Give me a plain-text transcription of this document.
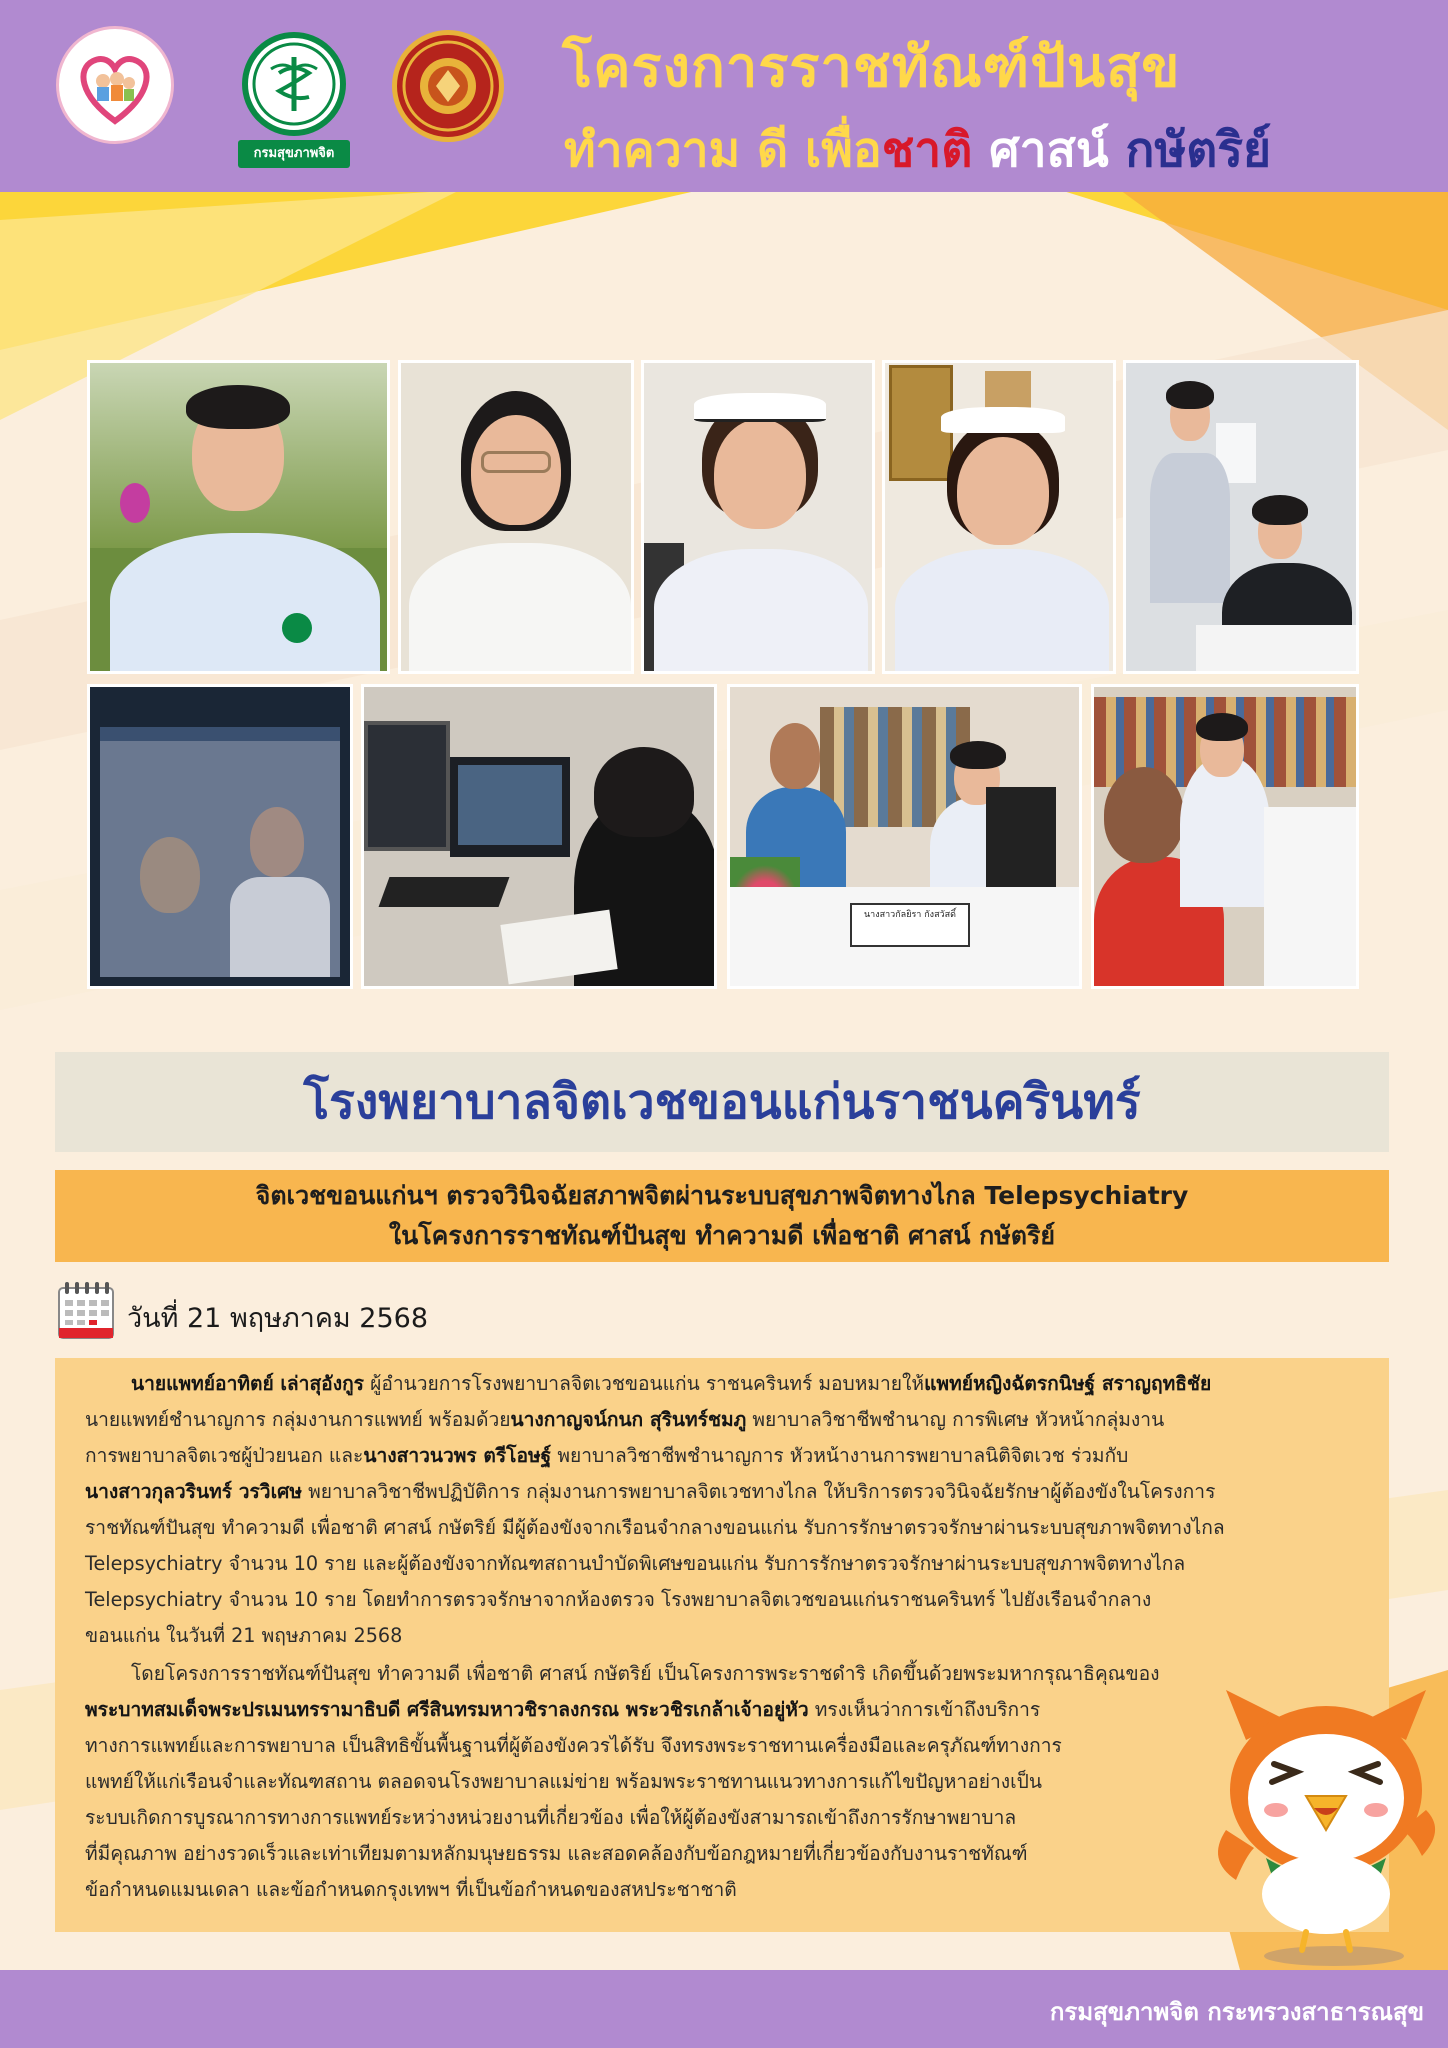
กรมสุขภาพจิต
โครงการราชทัณฑ์ปันสุข
ทำความ ดี เพื่อชาติ ศาสน์ กษัตริย์
นางสาวกัลยิรา กังสวัสดิ์
โรงพยาบาลจิตเวชขอนแก่นราชนครินทร์
จิตเวชขอนแก่นฯ ตรวจวินิจฉัยสภาพจิตผ่านระบบสุขภาพจิตทางไกล Telepsychiatry
ในโครงการราชทัณฑ์ปันสุข ทำความดี เพื่อชาติ ศาสน์ กษัตริย์
วันที่ 21 พฤษภาคม 2568
นายแพทย์อาทิตย์ เล่าสุอังกูร ผู้อำนวยการโรงพยาบาลจิตเวชขอนแก่น ราชนครินทร์ มอบหมายให้แพทย์หญิงฉัตรกนิษฐ์ สราญฤทธิชัย
นายแพทย์ชำนาญการ กลุ่มงานการแพทย์ พร้อมด้วยนางกาญจน์กนก สุรินทร์ชมภู พยาบาลวิชาชีพชำนาญ การพิเศษ หัวหน้ากลุ่มงาน
การพยาบาลจิตเวชผู้ป่วยนอก และนางสาวนวพร ตรีโอษฐ์ พยาบาลวิชาชีพชำนาญการ หัวหน้างานการพยาบาลนิติจิตเวช ร่วมกับ
นางสาวกุลวรินทร์ วรวิเศษ พยาบาลวิชาชีพปฏิบัติการ กลุ่มงานการพยาบาลจิตเวชทางไกล ให้บริการตรวจวินิจฉัยรักษาผู้ต้องขังในโครงการ
ราชทัณฑ์ปันสุข ทำความดี เพื่อชาติ ศาสน์ กษัตริย์ มีผู้ต้องขังจากเรือนจำกลางขอนแก่น รับการรักษาตรวจรักษาผ่านระบบสุขภาพจิตทางไกล
Telepsychiatry จำนวน 10 ราย และผู้ต้องขังจากทัณฑสถานบำบัดพิเศษขอนแก่น รับการรักษาตรวจรักษาผ่านระบบสุขภาพจิตทางไกล
Telepsychiatry จำนวน 10 ราย โดยทำการตรวจรักษาจากห้องตรวจ โรงพยาบาลจิตเวชขอนแก่นราชนครินทร์ ไปยังเรือนจำกลาง
ขอนแก่น ในวันที่ 21 พฤษภาคม 2568
โดยโครงการราชทัณฑ์ปันสุข ทำความดี เพื่อชาติ ศาสน์ กษัตริย์ เป็นโครงการพระราชดำริ เกิดขึ้นด้วยพระมหากรุณาธิคุณของ
พระบาทสมเด็จพระปรเมนทรรามาธิบดี ศรีสินทรมหาวชิราลงกรณ พระวชิรเกล้าเจ้าอยู่หัว ทรงเห็นว่าการเข้าถึงบริการ
ทางการแพทย์และการพยาบาล เป็นสิทธิขั้นพื้นฐานที่ผู้ต้องขังควรได้รับ จึงทรงพระราชทานเครื่องมือและครุภัณฑ์ทางการ
แพทย์ให้แก่เรือนจำและทัณฑสถาน ตลอดจนโรงพยาบาลแม่ข่าย พร้อมพระราชทานแนวทางการแก้ไขปัญหาอย่างเป็น
ระบบเกิดการบูรณาการทางการแพทย์ระหว่างหน่วยงานที่เกี่ยวข้อง เพื่อให้ผู้ต้องขังสามารถเข้าถึงการรักษาพยาบาล
ที่มีคุณภาพ อย่างรวดเร็วและเท่าเทียมตามหลักมนุษยธรรม และสอดคล้องกับข้อกฎหมายที่เกี่ยวข้องกับงานราชทัณฑ์
ข้อกำหนดแมนเดลา และข้อกำหนดกรุงเทพฯ ที่เป็นข้อกำหนดของสหประชาชาติ
กรมสุขภาพจิต กระทรวงสาธารณสุข
